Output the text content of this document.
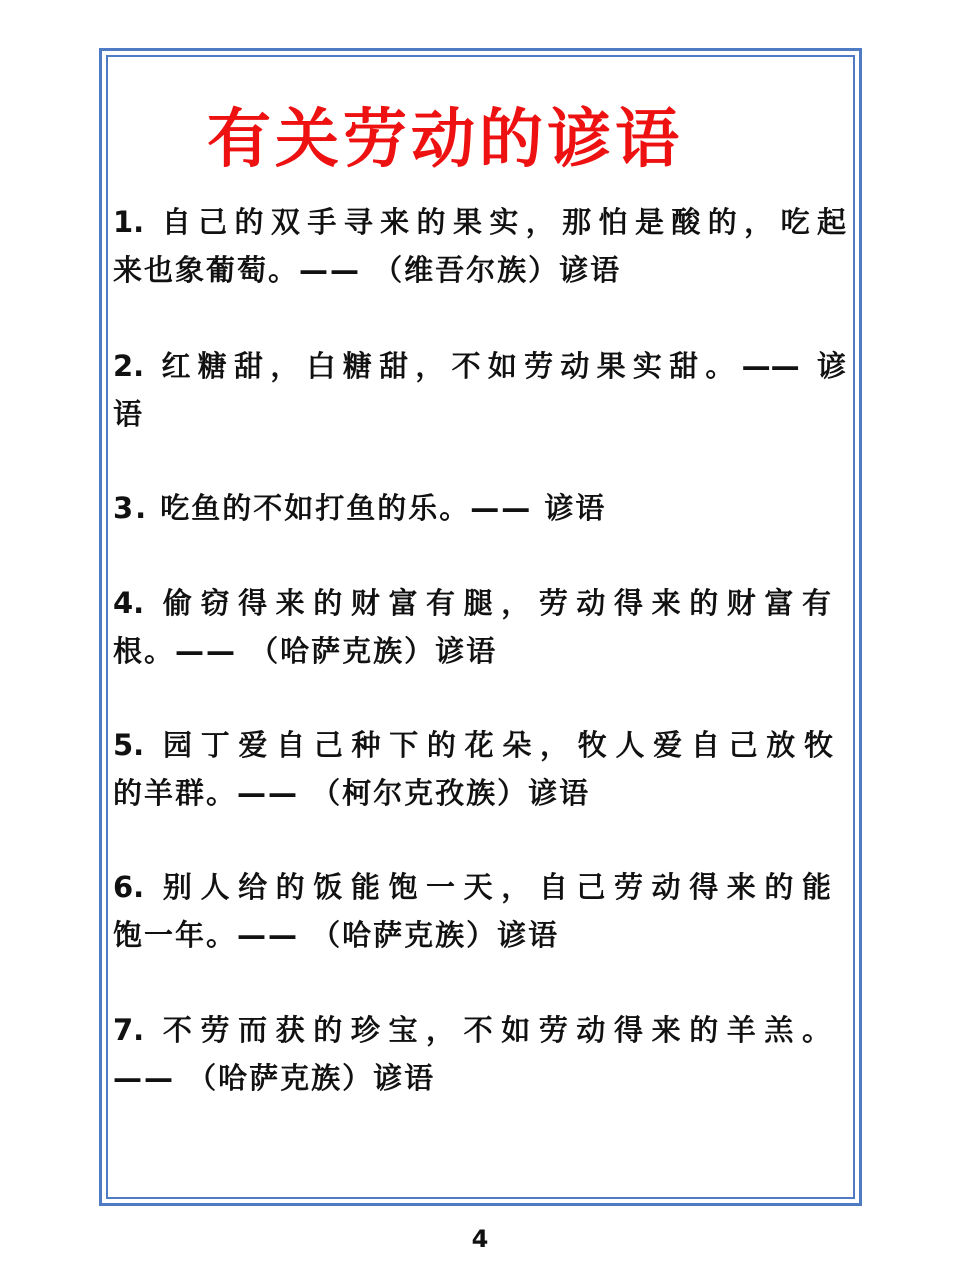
有关劳动的谚语
1. 自己的双手寻来的果实，那怕是酸的，吃起
来也象葡萄。—— （维吾尔族）谚语
2. 红糖甜，白糖甜，不如劳动果实甜。—— 谚
语
3. 吃鱼的不如打鱼的乐。—— 谚语
4. 偷窃得来的财富有腿，劳动得来的财富有
根。—— （哈萨克族）谚语
5. 园丁爱自己种下的花朵，牧人爱自己放牧
的羊群。—— （柯尔克孜族）谚语
6. 别人给的饭能饱一天，自己劳动得来的能
饱一年。—— （哈萨克族）谚语
7. 不劳而获的珍宝，不如劳动得来的羊羔。
—— （哈萨克族）谚语
4
